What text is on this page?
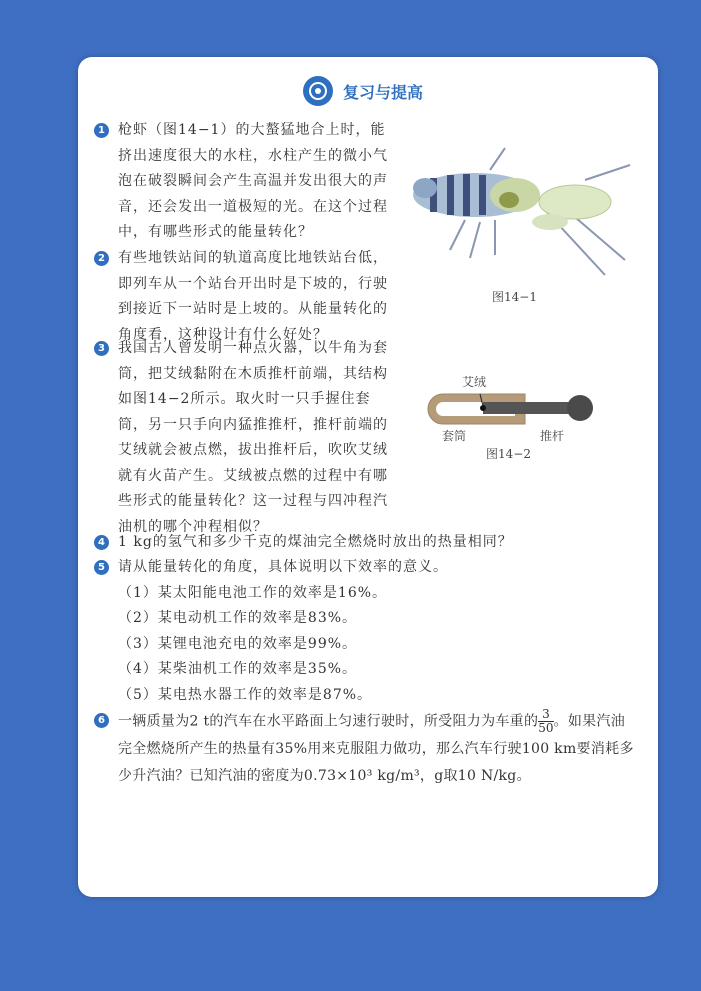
复习与提高
1 枪虾（图14−1）的大螯猛地合上时，能挤出速度很大的水柱，水柱产生的微小气泡在破裂瞬间会产生高温并发出很大的声音，还会发出一道极短的光。在这个过程中，有哪些形式的能量转化？
2 有些地铁站间的轨道高度比地铁站台低，即列车从一个站台开出时是下坡的，行驶到接近下一站时是上坡的。从能量转化的角度看，这种设计有什么好处？
3 我国古人曾发明一种点火器，以牛角为套筒，把艾绒黏附在木质推杆前端，其结构如图14−2所示。取火时一只手握住套筒，另一只手向内猛推推杆，推杆前端的艾绒就会被点燃，拔出推杆后，吹吹艾绒就有火苗产生。艾绒被点燃的过程中有哪些形式的能量转化？这一过程与四冲程汽油机的哪个冲程相似？
4 1 kg的氢气和多少千克的煤油完全燃烧时放出的热量相同？
5 请从能量转化的角度，具体说明以下效率的意义。
（1）某太阳能电池工作的效率是16%。
（2）某电动机工作的效率是83%。
（3）某锂电池充电的效率是99%。
（4）某柴油机工作的效率是35%。
（5）某电热水器工作的效率是87%。
6 一辆质量为2 t的汽车在水平路面上匀速行驶时，所受阻力为车重的 $\frac{3}{50}$ 。如果汽油完全燃烧所产生的热量有35%用来克服阻力做功，那么汽车行驶100 km要消耗多少升汽油？已知汽油的密度为0.73×10³ kg/m³，g取10 N/kg。
图14−1
艾绒
套筒	推杆
图14−2
